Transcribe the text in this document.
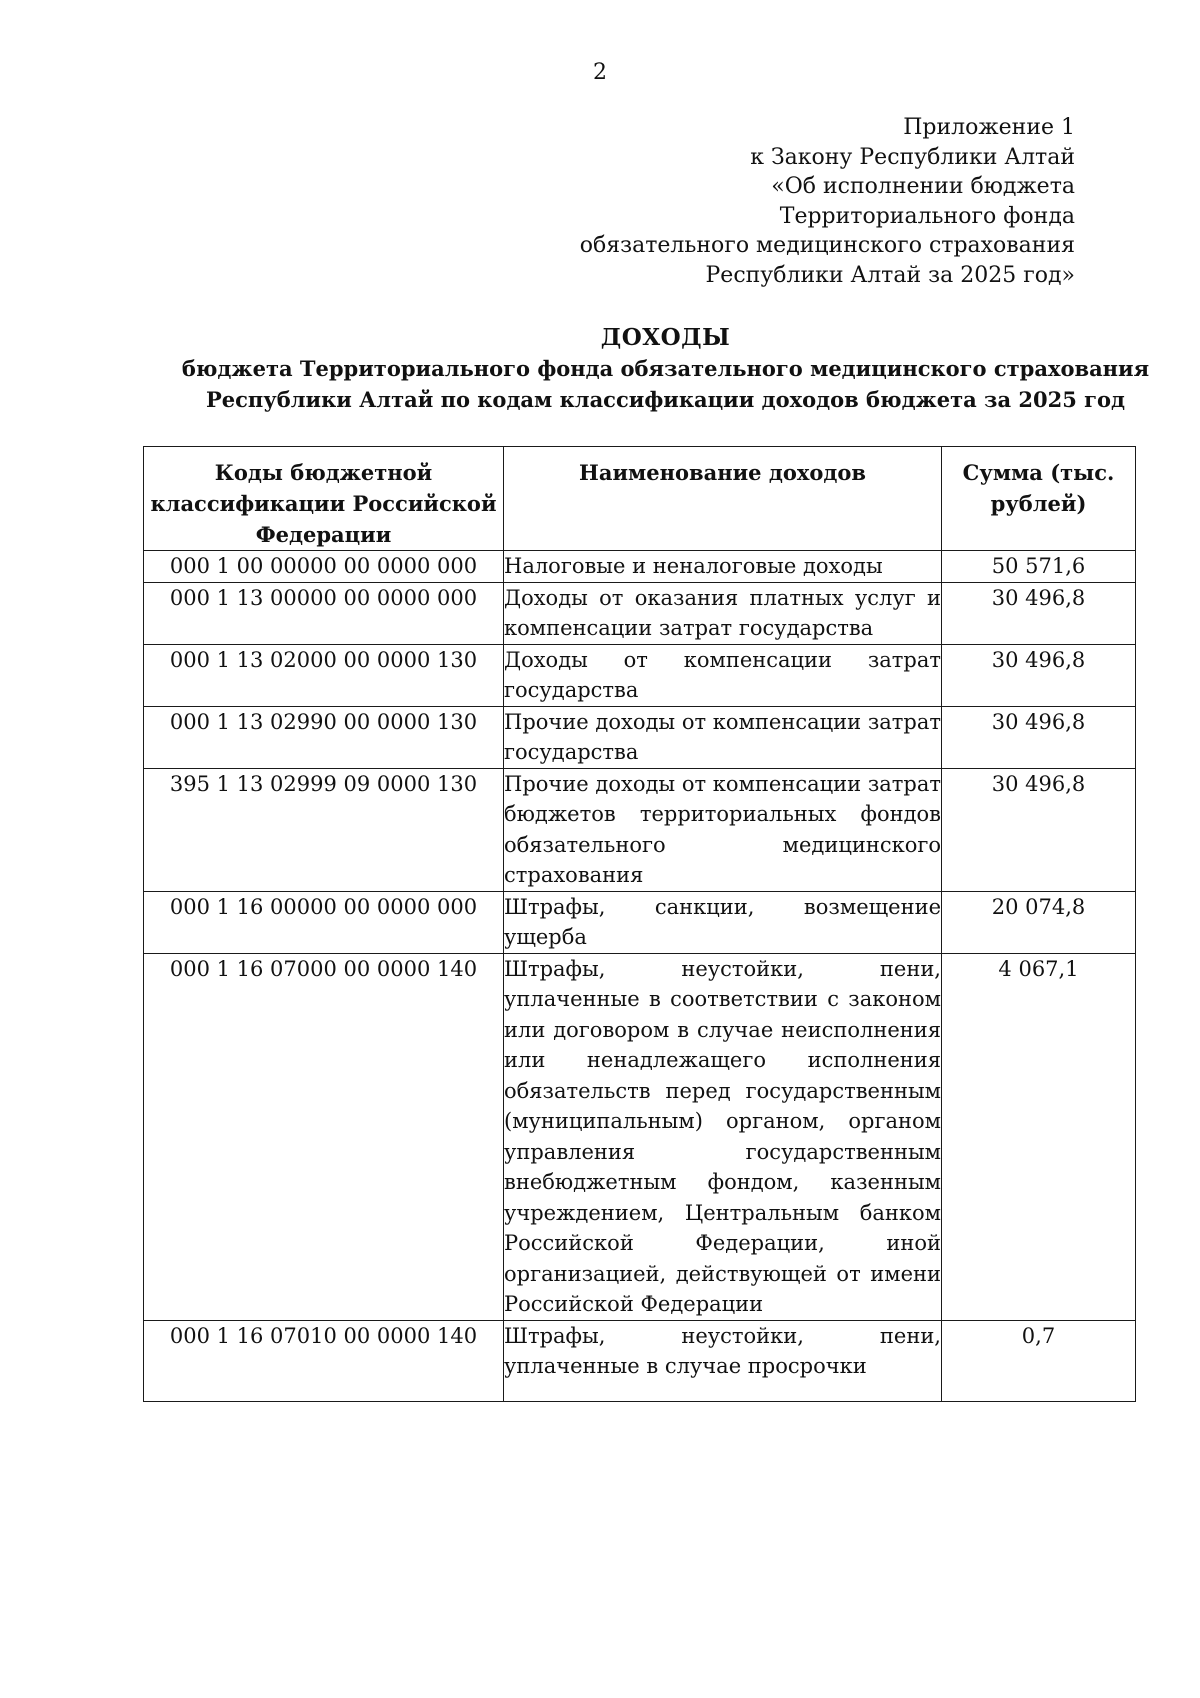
2
Приложение 1
к Закону Республики Алтай
«Об исполнении бюджета
Территориального фонда
обязательного медицинского страхования
Республики Алтай за 2025 год»
ДОХОДЫ
бюджета Территориального фонда обязательного медицинского страхования
Республики Алтай по кодам классификации доходов бюджета за 2025 год
Коды бюджетной классификации Российской Федерации	Наименование доходов	Сумма (тыс. рублей)
000 1 00 00000 00 0000 000	Налоговые и неналоговые доходы	50 571,6
000 1 13 00000 00 0000 000	Доходы от оказания платных услуг и компенсации затрат государства	30 496,8
000 1 13 02000 00 0000 130	Доходы от компенсации затрат государства	30 496,8
000 1 13 02990 00 0000 130	Прочие доходы от компенсации затрат государства	30 496,8
395 1 13 02999 09 0000 130	Прочие доходы от компенсации затрат бюджетов территориальных фондов обязательного медицинского страхования	30 496,8
000 1 16 00000 00 0000 000	Штрафы, санкции, возмещение ущерба	20 074,8
000 1 16 07000 00 0000 140	Штрафы, неустойки, пени, уплаченные в соответствии с законом или договором в случае неисполнения или ненадлежащего исполнения обязательств перед государственным (муниципальным) органом, органом управления государственным внебюджетным фондом, казенным учреждением, Центральным банком Российской Федерации, иной организацией, действующей от имени Российской Федерации	4 067,1
000 1 16 07010 00 0000 140	Штрафы, неустойки, пени, уплаченные в случае просрочки	0,7
